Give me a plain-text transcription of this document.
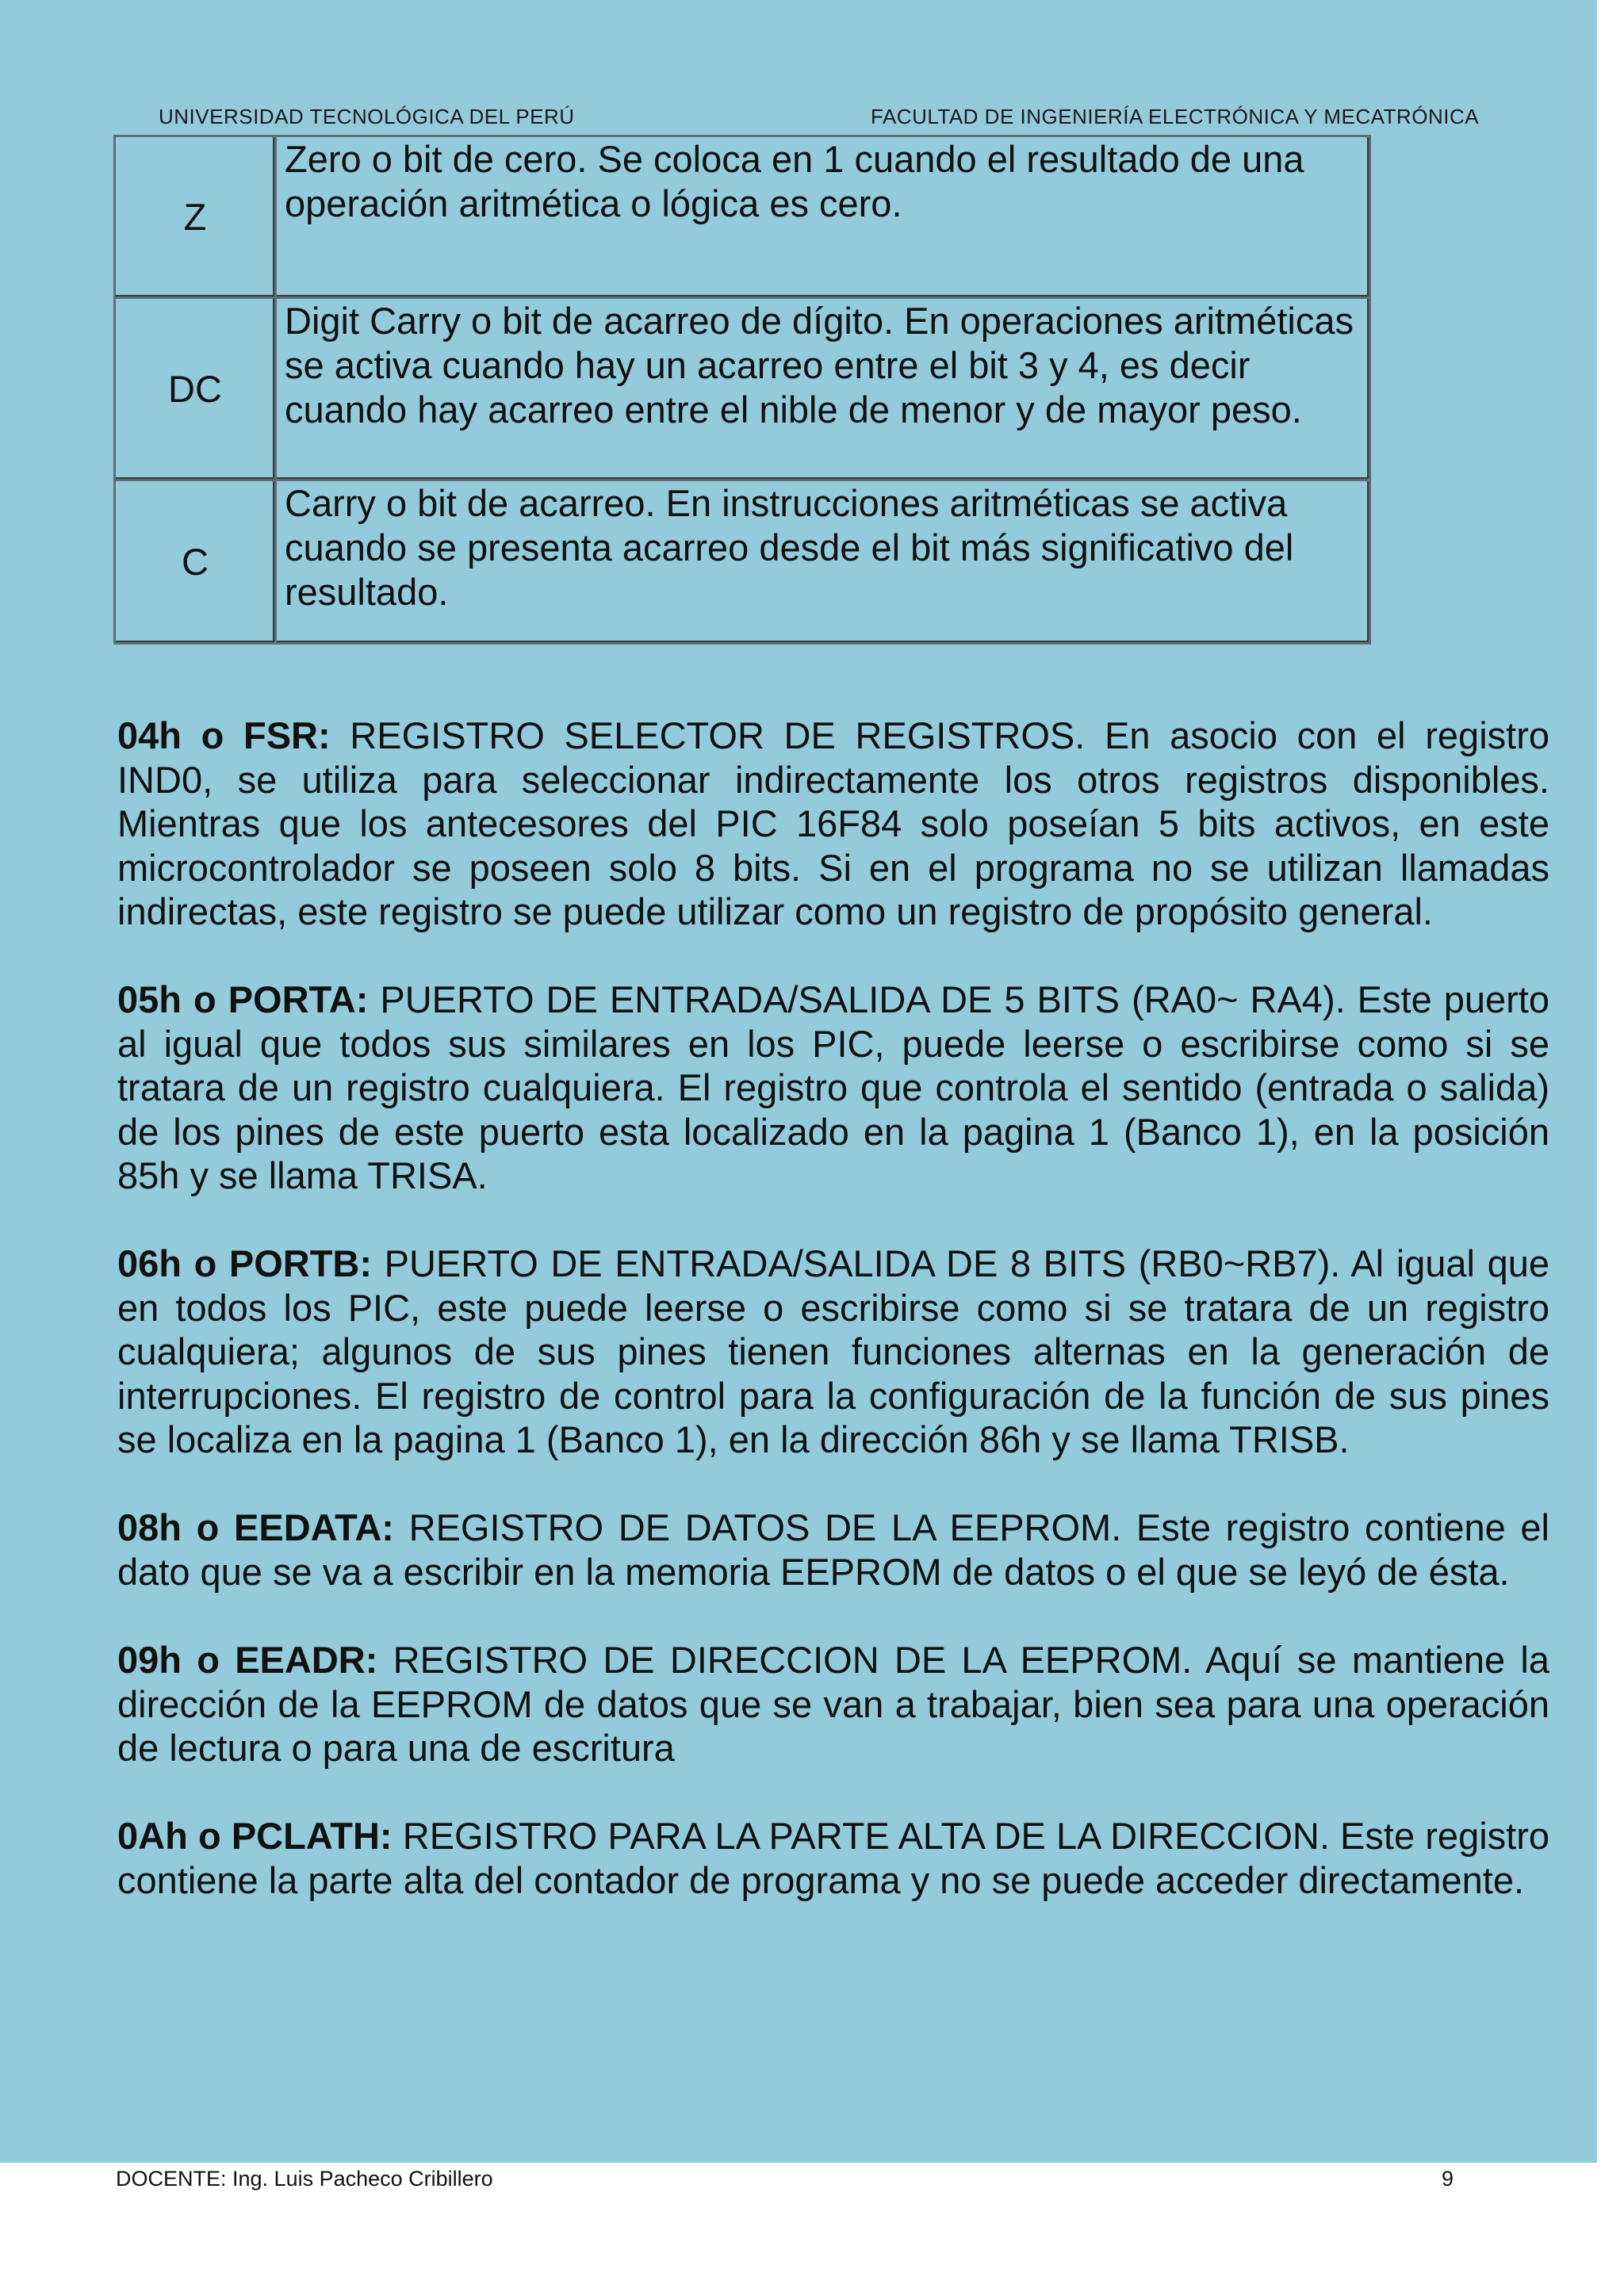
UNIVERSIDAD TECNOLÓGICA DEL PERÚ	FACULTAD DE INGENIERÍA ELECTRÓNICA Y MECATRÓNICA
Z	Zero o bit de cero. Se coloca en 1 cuando el resultado de una operación aritmética o lógica es cero.
DC	Digit Carry o bit de acarreo de dígito. En operaciones aritméticas se activa cuando hay un acarreo entre el bit 3 y 4, es decir cuando hay acarreo entre el nible de menor y de mayor peso.
C	Carry o bit de acarreo. En instrucciones aritméticas se activa cuando se presenta acarreo desde el bit más significativo del resultado.

04h o FSR: REGISTRO SELECTOR DE REGISTROS. En asocio con el registro IND0, se utiliza para seleccionar indirectamente los otros registros disponibles. Mientras que los antecesores del PIC 16F84 solo poseían 5 bits activos, en este microcontrolador se poseen solo 8 bits. Si en el programa no se utilizan llamadas indirectas, este registro se puede utilizar como un registro de propósito general.

05h o PORTA: PUERTO DE ENTRADA/SALIDA DE 5 BITS (RA0~ RA4). Este puerto al igual que todos sus similares en los PIC, puede leerse o escribirse como si se tratara de un registro cualquiera. El registro que controla el sentido (entrada o salida) de los pines de este puerto esta localizado en la pagina 1 (Banco 1), en la posición 85h y se llama TRISA.

06h o PORTB: PUERTO DE ENTRADA/SALIDA DE 8 BITS (RB0~RB7). Al igual que en todos los PIC, este puede leerse o escribirse como si se tratara de un registro cualquiera; algunos de sus pines tienen funciones alternas en la generación de interrupciones. El registro de control para la configuración de la función de sus pines se localiza en la pagina 1 (Banco 1), en la dirección 86h y se llama TRISB.

08h o EEDATA: REGISTRO DE DATOS DE LA EEPROM. Este registro contiene el dato que se va a escribir en la memoria EEPROM de datos o el que se leyó de ésta.

09h o EEADR: REGISTRO DE DIRECCION DE LA EEPROM. Aquí se mantiene la dirección de la EEPROM de datos que se van a trabajar, bien sea para una operación de lectura o para una de escritura

0Ah o PCLATH: REGISTRO PARA LA PARTE ALTA DE LA DIRECCION. Este registro contiene la parte alta del contador de programa y no se puede acceder directamente.

DOCENTE: Ing. Luis Pacheco Cribillero	9
